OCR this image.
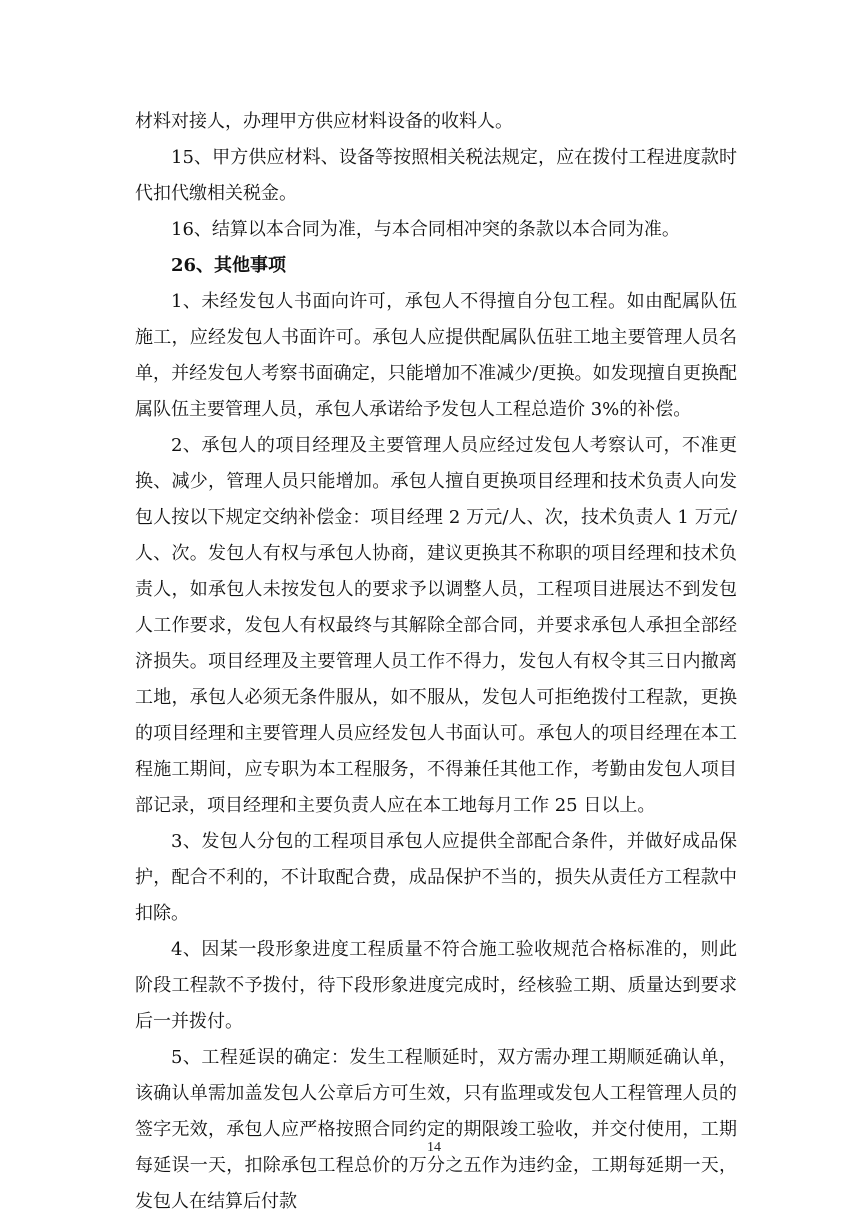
材料对接人，办理甲方供应材料设备的收料人。

15、甲方供应材料、设备等按照相关税法规定，应在拨付工程进度款时代扣代缴相关税金。

16、结算以本合同为准，与本合同相冲突的条款以本合同为准。

26、其他事项

1、未经发包人书面向许可，承包人不得擅自分包工程。如由配属队伍施工，应经发包人书面许可。承包人应提供配属队伍驻工地主要管理人员名单，并经发包人考察书面确定，只能增加不准减少/更换。如发现擅自更换配属队伍主要管理人员，承包人承诺给予发包人工程总造价 3%的补偿。

2、承包人的项目经理及主要管理人员应经过发包人考察认可，不准更换、减少，管理人员只能增加。承包人擅自更换项目经理和技术负责人向发包人按以下规定交纳补偿金：项目经理 2 万元/人、次，技术负责人 1 万元/人、次。发包人有权与承包人协商，建议更换其不称职的项目经理和技术负责人，如承包人未按发包人的要求予以调整人员，工程项目进展达不到发包人工作要求，发包人有权最终与其解除全部合同，并要求承包人承担全部经济损失。项目经理及主要管理人员工作不得力，发包人有权令其三日内撤离工地，承包人必须无条件服从，如不服从，发包人可拒绝拨付工程款，更换的项目经理和主要管理人员应经发包人书面认可。承包人的项目经理在本工程施工期间，应专职为本工程服务，不得兼任其他工作，考勤由发包人项目部记录，项目经理和主要负责人应在本工地每月工作 25 日以上。

3、发包人分包的工程项目承包人应提供全部配合条件，并做好成品保护，配合不利的，不计取配合费，成品保护不当的，损失从责任方工程款中扣除。

4、因某一段形象进度工程质量不符合施工验收规范合格标准的，则此阶段工程款不予拨付，待下段形象进度完成时，经核验工期、质量达到要求后一并拨付。

5、工程延误的确定：发生工程顺延时，双方需办理工期顺延确认单，该确认单需加盖发包人公章后方可生效，只有监理或发包人工程管理人员的签字无效，承包人应严格按照合同约定的期限竣工验收，并交付使用，工期每延误一天，扣除承包工程总价的万分之五作为违约金，工期每延期一天，发包人在结算后付款

14
